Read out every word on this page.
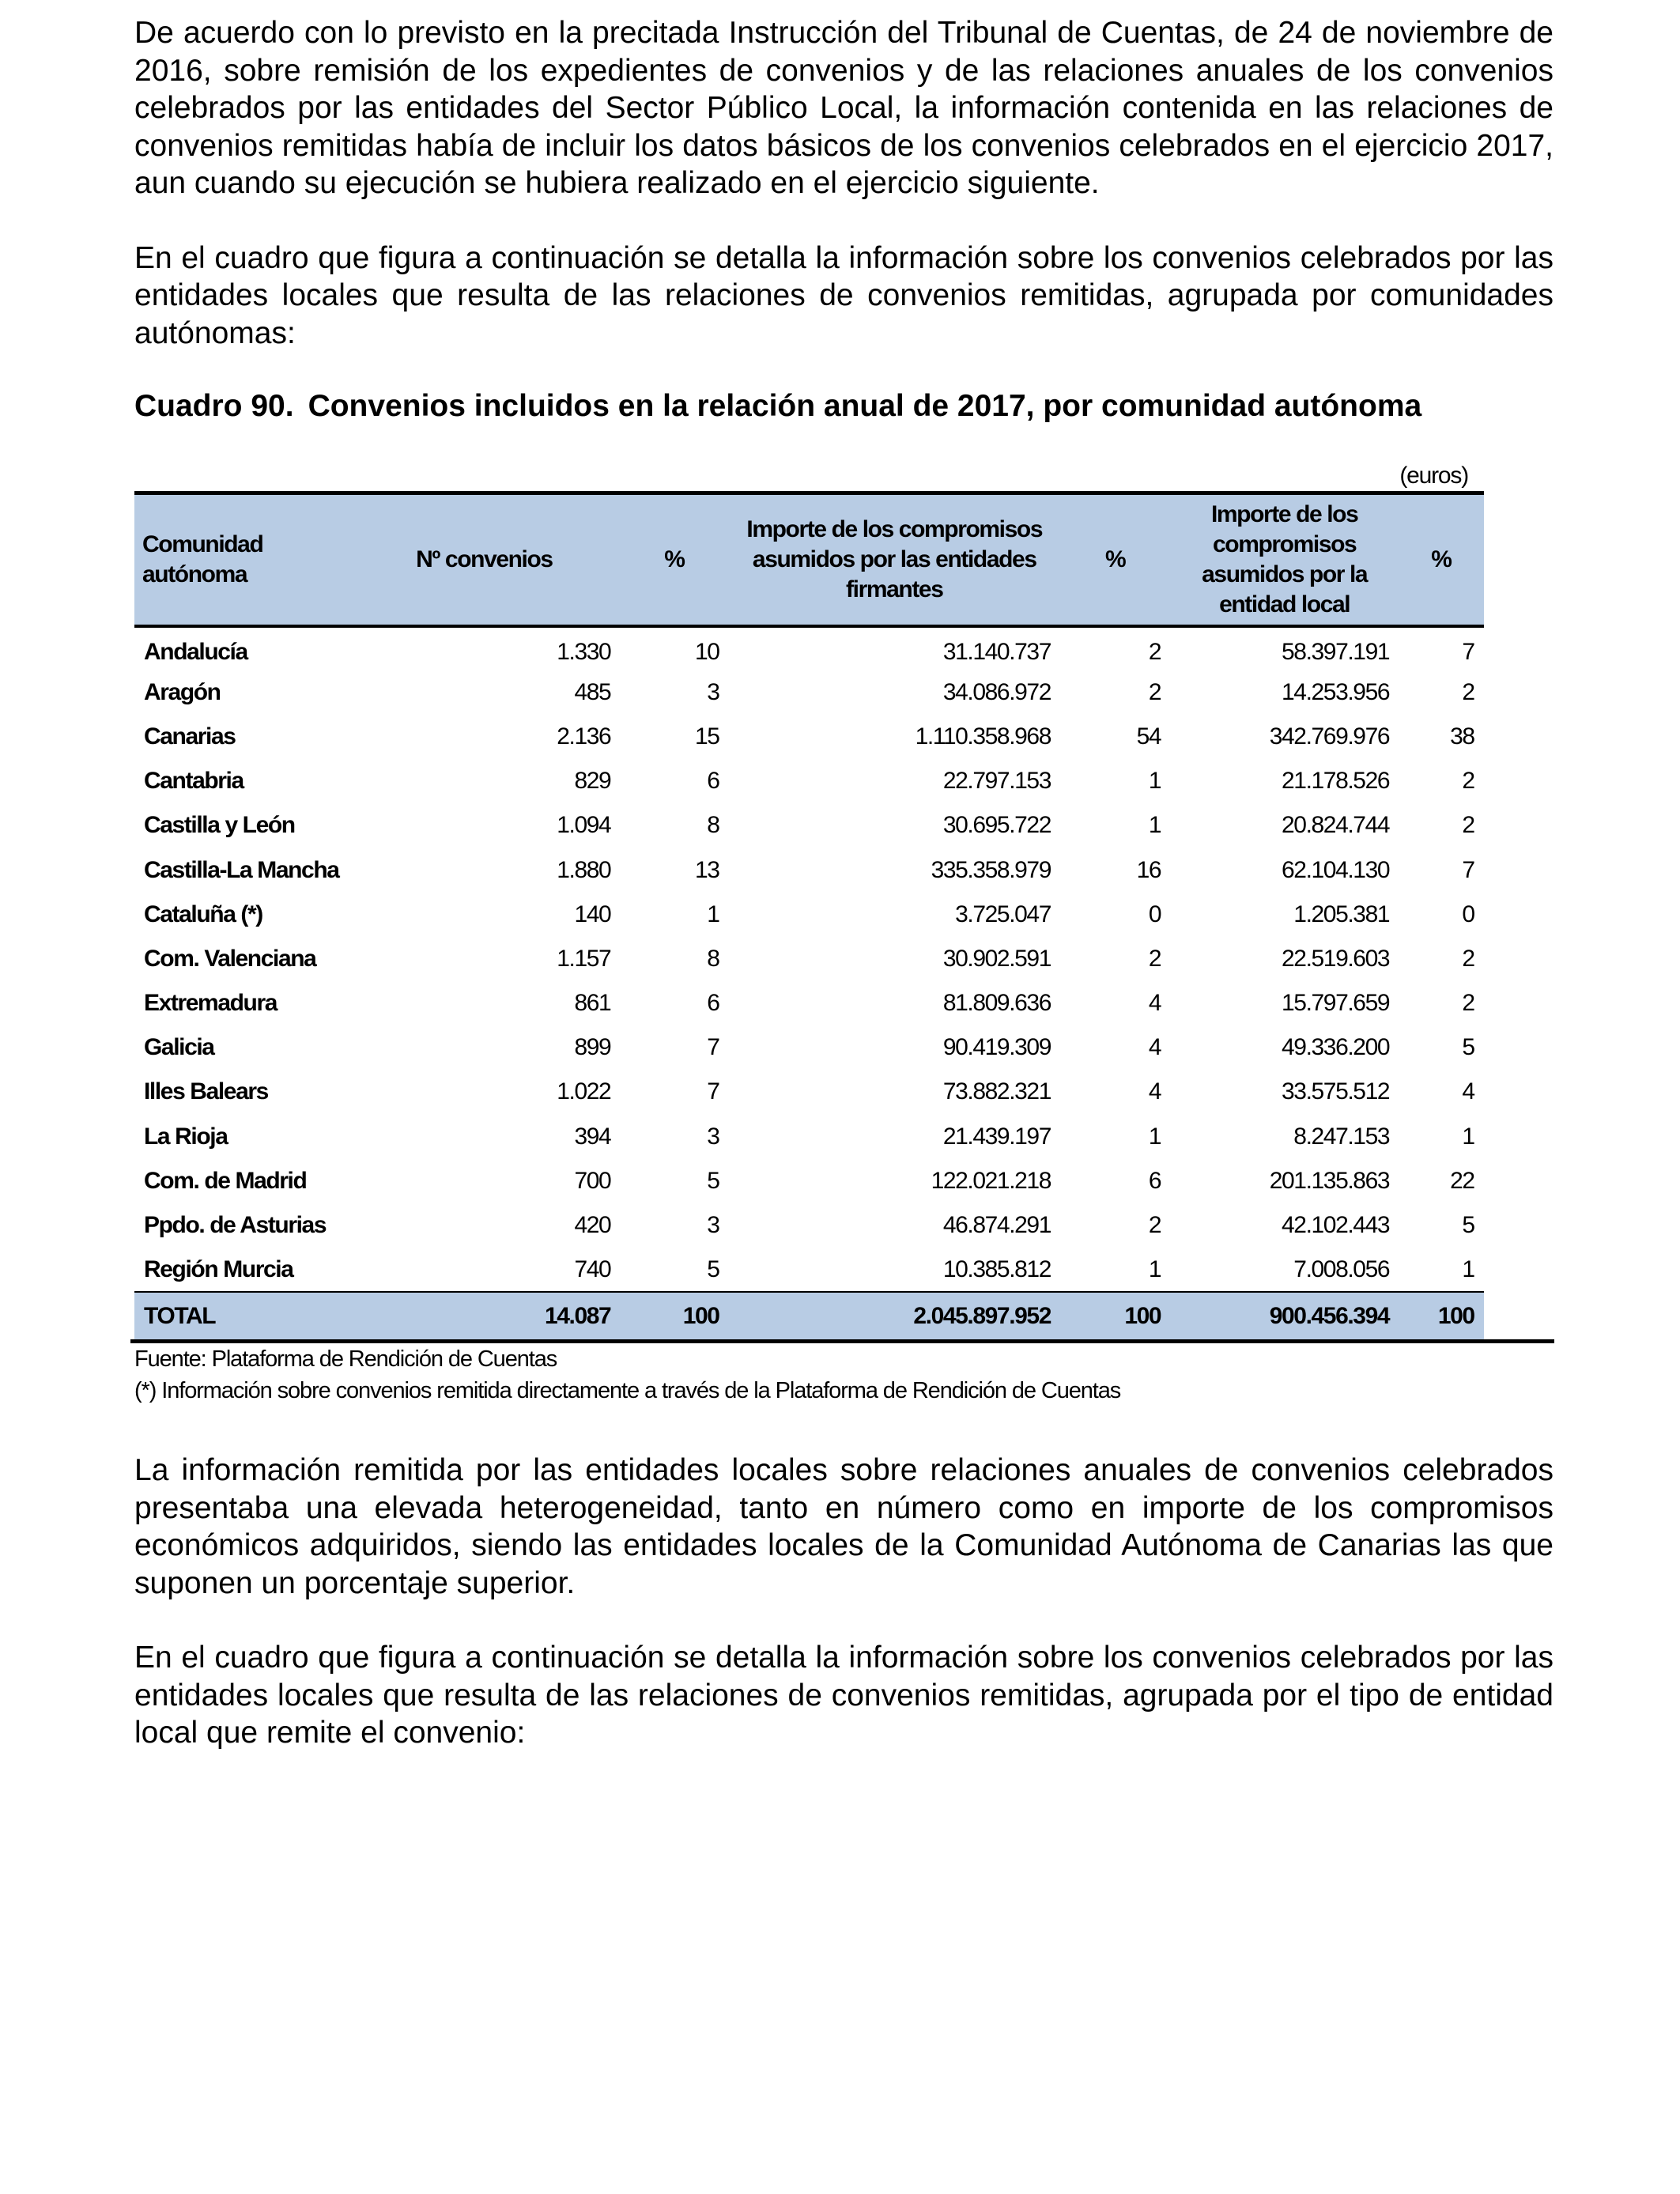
De acuerdo con lo previsto en la precitada Instrucción del Tribunal de Cuentas, de 24 de noviembre de 2016, sobre remisión de los expedientes de convenios y de las relaciones anuales de los convenios celebrados por las entidades del Sector Público Local, la información contenida en las relaciones de convenios remitidas había de incluir los datos básicos de los convenios celebrados en el ejercicio 2017, aun cuando su ejecución se hubiera realizado en el ejercicio siguiente.

En el cuadro que figura a continuación se detalla la información sobre los convenios celebrados por las entidades locales que resulta de las relaciones de convenios remitidas, agrupada por comunidades autónomas:

Cuadro 90. Convenios incluidos en la relación anual de 2017, por comunidad autónoma
(euros)
Comunidad autónoma	Nº convenios	%	Importe de los compromisos asumidos por las entidades firmantes	%	Importe de los compromisos asumidos por la entidad local	%	
Andalucía	1.330	10	31.140.737	2	58.397.191	7	
Aragón	485	3	34.086.972	2	14.253.956	2	
Canarias	2.136	15	1.110.358.968	54	342.769.976	38	
Cantabria	829	6	22.797.153	1	21.178.526	2	
Castilla y León	1.094	8	30.695.722	1	20.824.744	2	
Castilla-La Mancha	1.880	13	335.358.979	16	62.104.130	7	
Cataluña (*)	140	1	3.725.047	0	1.205.381	0	
Com. Valenciana	1.157	8	30.902.591	2	22.519.603	2	
Extremadura	861	6	81.809.636	4	15.797.659	2	
Galicia	899	7	90.419.309	4	49.336.200	5	
Illes Balears	1.022	7	73.882.321	4	33.575.512	4	
La Rioja	394	3	21.439.197	1	8.247.153	1	
Com. de Madrid	700	5	122.021.218	6	201.135.863	22	
Ppdo. de Asturias	420	3	46.874.291	2	42.102.443	5	
Región Murcia	740	5	10.385.812	1	7.008.056	1	
TOTAL	14.087	100	2.045.897.952	100	900.456.394	100	
Fuente: Plataforma de Rendición de Cuentas
(*) Información sobre convenios remitida directamente a través de la Plataforma de Rendición de Cuentas

La información remitida por las entidades locales sobre relaciones anuales de convenios celebrados presentaba una elevada heterogeneidad, tanto en número como en importe de los compromisos económicos adquiridos, siendo las entidades locales de la Comunidad Autónoma de Canarias las que suponen un porcentaje superior.

En el cuadro que figura a continuación se detalla la información sobre los convenios celebrados por las entidades locales que resulta de las relaciones de convenios remitidas, agrupada por el tipo de entidad local que remite el convenio:
